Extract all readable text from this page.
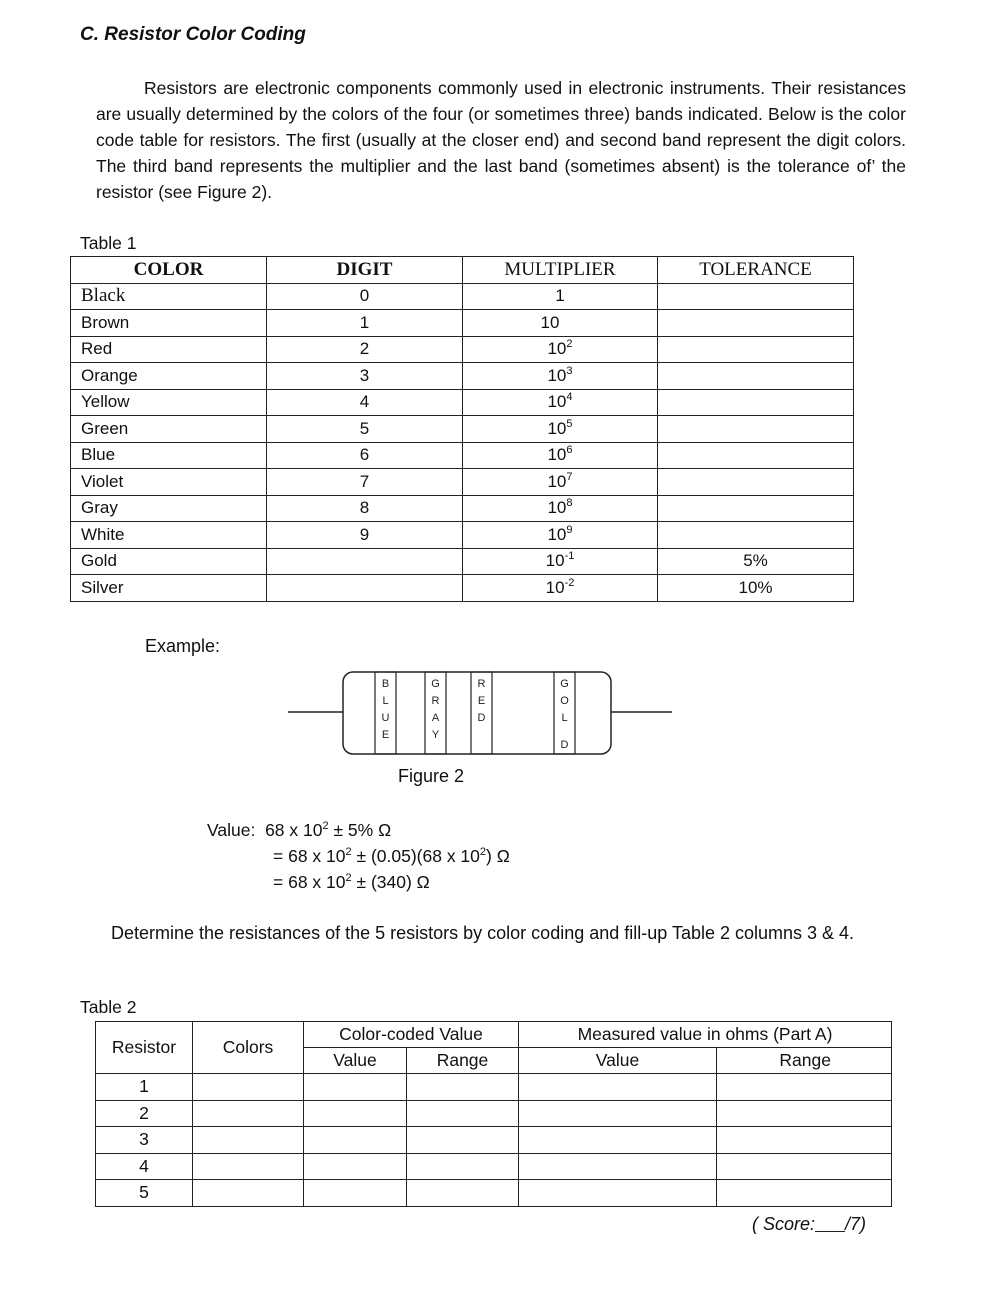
C. Resistor Color Coding

Resistors are electronic components commonly used in electronic instruments. Their resistances are usually determined by the colors of the four (or sometimes three) bands indicated. Below is the color code table for resistors. The first (usually at the closer end) and second band represent the digit colors. The third band represents the multiplier and the last band (sometimes absent) is the tolerance of’ the resistor (see Figure 2).

Table 1
COLOR	DIGIT	MULTIPLIER	TOLERANCE
Black	0	1	
Brown	1	10	
Red	2	$10^2$	
Orange	3	$10^3$	
Yellow	4	$10^4$	
Green	5	$10^5$	
Blue	6	$10^6$	
Violet	7	$10^7$	
Gray	8	$10^8$	
White	9	$10^9$	
Gold		$10^{-1}$	5%
Silver		$10^{-2}$	10%
Example:
B
L
U
E
G
R
A
Y
R
E
D
G
O
L
D
Figure 2
Value: 68 x $10^2 \pm 5\%$ Ω
= 68 x $10^2 \pm (0.05)(68$ x $10^2$) Ω
= 68 x $10^2 \pm (340)$ Ω
Determine the resistances of the 5 resistors by color coding and fill-up Table 2 columns 3 & 4.
Table 2
Resistor	Colors	Color-coded Value		Measured value in ohms (Part A)	
		Value	Range	Value	Range
1					
2					
3					
4					
5					
( Score: /7)
